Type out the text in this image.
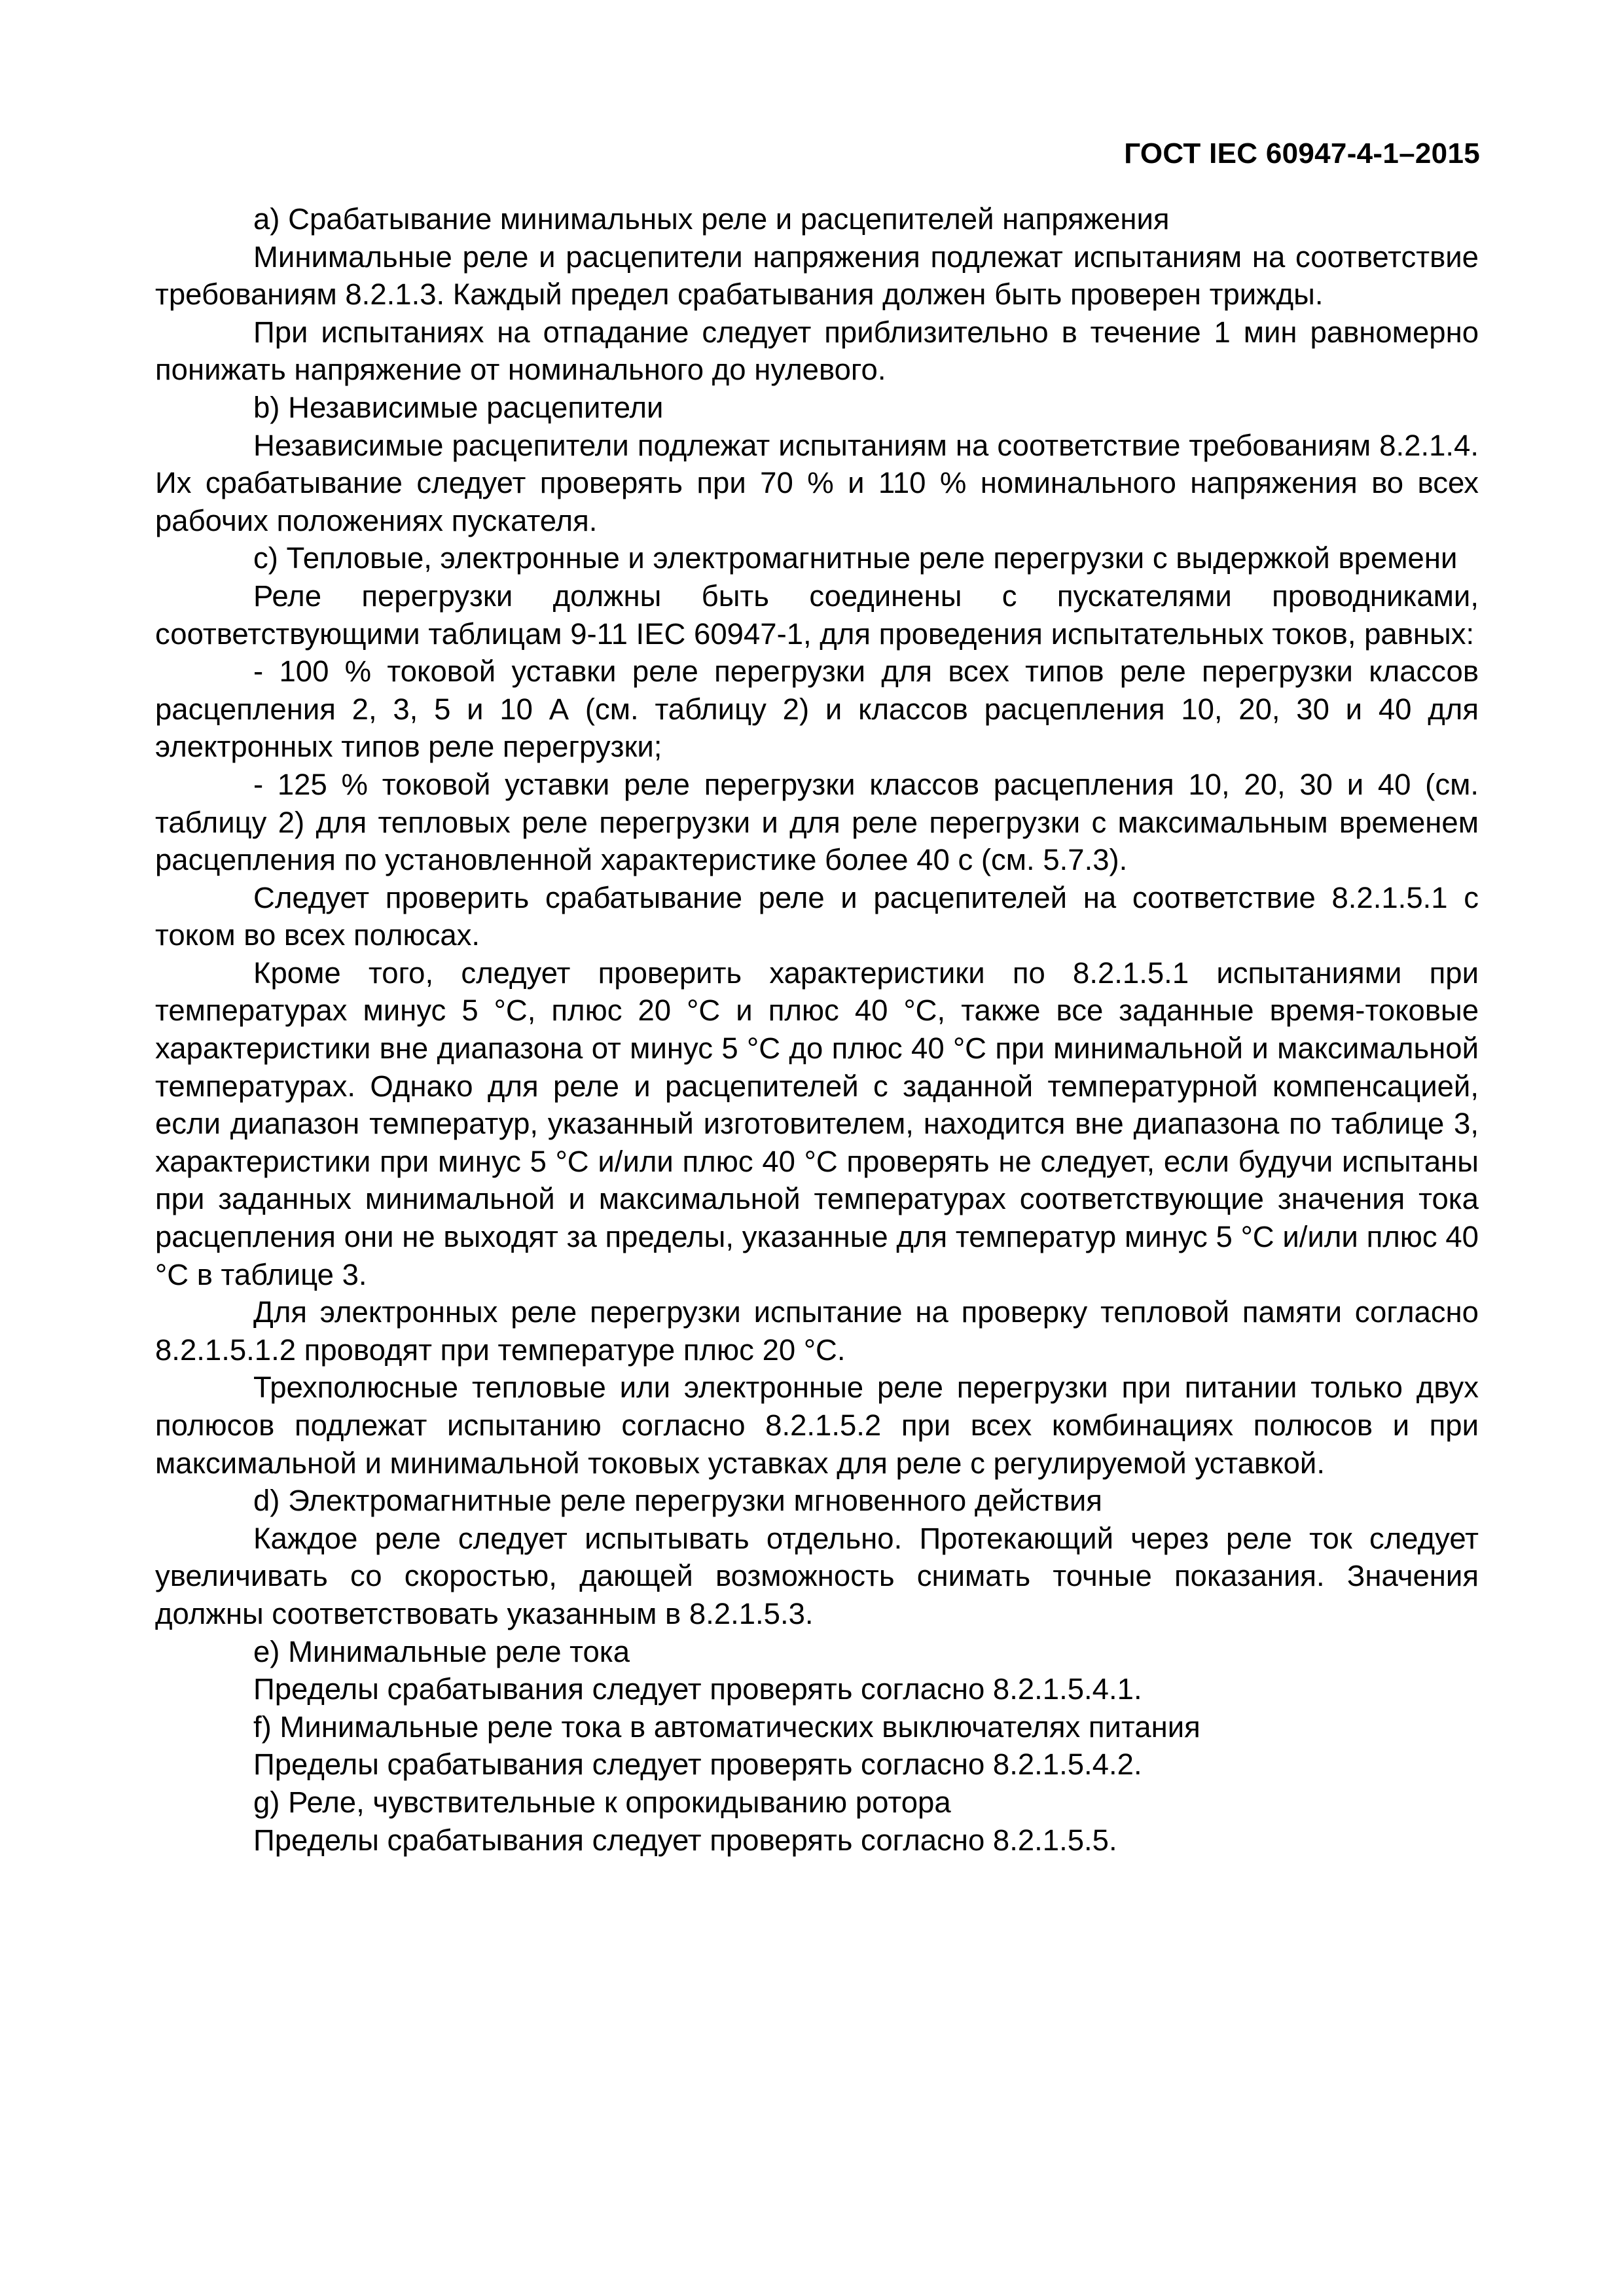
ГОСТ IEC 60947-4-1–2015

а) Срабатывание минимальных реле и расцепителей напряжения

Минимальные реле и расцепители напряжения подлежат испытаниям на соответствие требованиям 8.2.1.3. Каждый предел срабатывания должен быть проверен трижды.

При испытаниях на отпадание следует приблизительно в течение 1 мин равномерно понижать напряжение от номинального до нулевого.

b) Независимые расцепители

Независимые расцепители подлежат испытаниям на соответствие требованиям 8.2.1.4. Их срабатывание следует проверять при 70 % и 110 % номинального напряжения во всех рабочих положениях пускателя.

с) Тепловые, электронные и электромагнитные реле перегрузки с выдержкой времени

Реле перегрузки должны быть соединены с пускателями проводниками, соответствующими таблицам 9-11 IEC 60947-1, для проведения испытательных токов, равных:

- 100 % токовой уставки реле перегрузки для всех типов реле перегрузки классов расцепления 2, 3, 5 и 10 А (см. таблицу 2) и классов расцепления 10, 20, 30 и 40 для электронных типов реле перегрузки;

- 125 % токовой уставки реле перегрузки классов расцепления 10, 20, 30 и 40 (см. таблицу 2) для тепловых реле перегрузки и для реле перегрузки с максимальным временем расцепления по установленной характеристике более 40 с (см. 5.7.3).

Следует проверить срабатывание реле и расцепителей на соответствие 8.2.1.5.1 с током во всех полюсах.

Кроме того, следует проверить характеристики по 8.2.1.5.1 испытаниями при температурах минус 5 °С, плюс 20 °С и плюс 40 °С, также все заданные время-токовые характеристики вне диапазона от минус 5 °С до плюс 40 °С при минимальной и максимальной температурах. Однако для реле и расцепителей с заданной температурной компенсацией, если диапазон температур, указанный изготовителем, находится вне диапазона по таблице 3, характеристики при минус 5 °С и/или плюс 40 °С проверять не следует, если будучи испытаны при заданных минимальной и максимальной температурах соответствующие значения тока расцепления они не выходят за пределы, указанные для температур минус 5 °С и/или плюс 40 °С в таблице 3.

Для электронных реле перегрузки испытание на проверку тепловой памяти согласно 8.2.1.5.1.2 проводят при температуре плюс 20 °С.

Трехполюсные тепловые или электронные реле перегрузки при питании только двух полюсов подлежат испытанию согласно 8.2.1.5.2 при всех комбинациях полюсов и при максимальной и минимальной токовых уставках для реле с регулируемой уставкой.

d) Электромагнитные реле перегрузки мгновенного действия

Каждое реле следует испытывать отдельно. Протекающий через реле ток следует увеличивать со скоростью, дающей возможность снимать точные показания. Значения должны соответствовать указанным в 8.2.1.5.3.

е) Минимальные реле тока

Пределы срабатывания следует проверять согласно 8.2.1.5.4.1.

f) Минимальные реле тока в автоматических выключателях питания

Пределы срабатывания следует проверять согласно 8.2.1.5.4.2.

g) Реле, чувствительные к опрокидыванию ротора

Пределы срабатывания следует проверять согласно 8.2.1.5.5.
